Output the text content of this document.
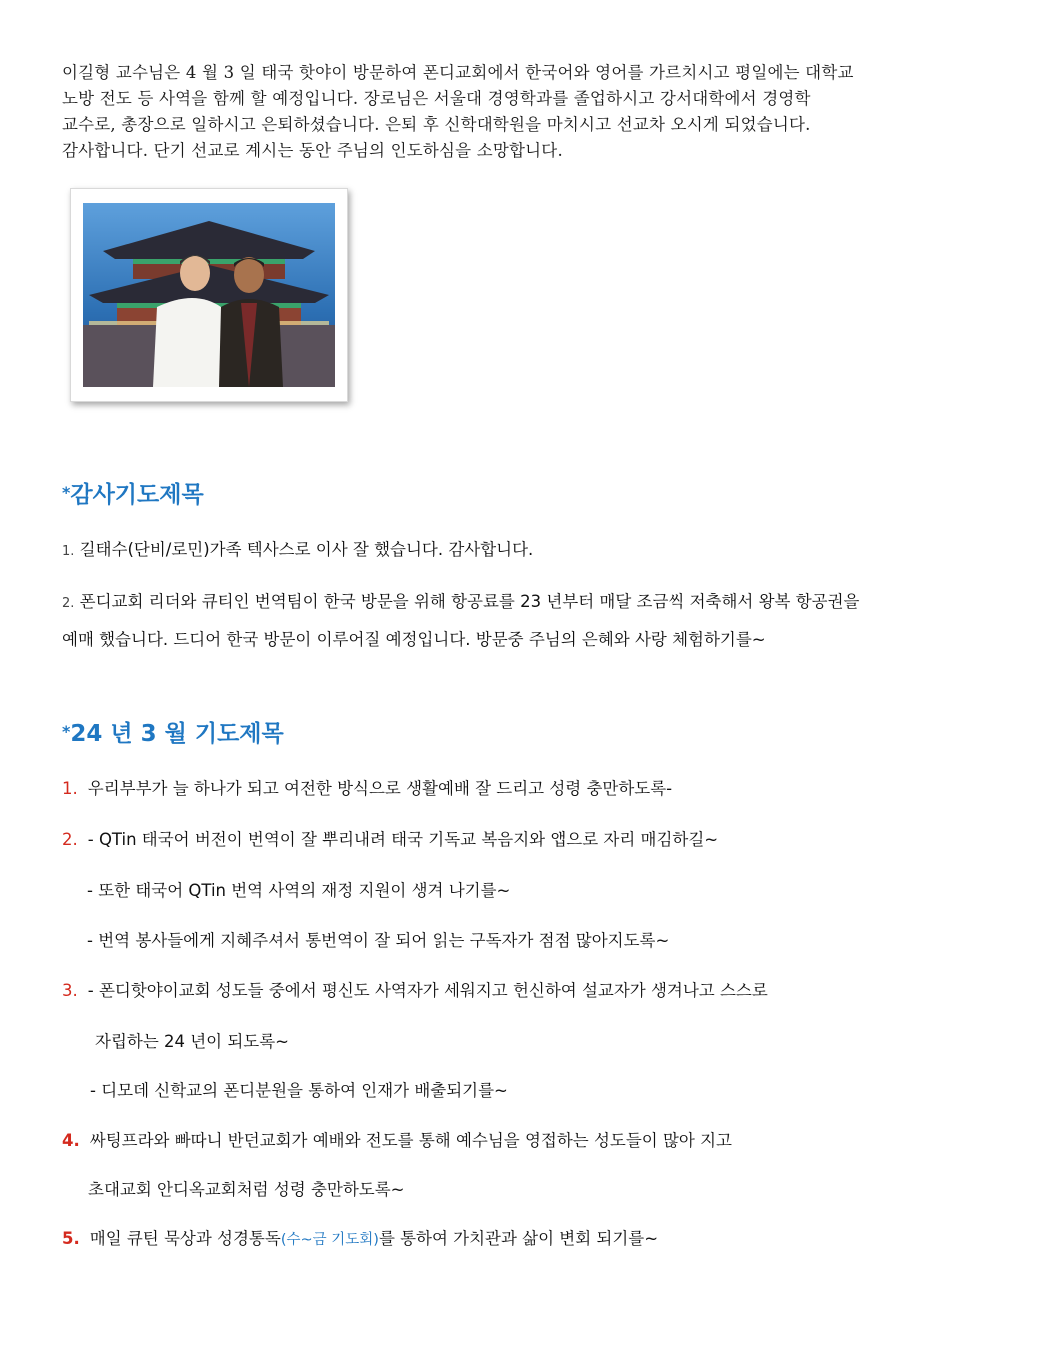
이길형 교수님은 4 월 3 일 태국 핫야이 방문하여 폰디교회에서 한국어와 영어를 가르치시고 평일에는 대학교

노방 전도 등 사역을 함께 할 예정입니다. 장로님은 서울대 경영학과를 졸업하시고 강서대학에서 경영학

교수로, 총장으로 일하시고 은퇴하셨습니다. 은퇴 후 신학대학원을 마치시고 선교차 오시게 되었습니다.

감사합니다. 단기 선교로 계시는 동안 주님의 인도하심을 소망합니다.

*감사기도제목
1. 길태수(단비/로민)가족 텍사스로 이사 잘 했습니다. 감사합니다.
2. 폰디교회 리더와 큐티인 번역팀이 한국 방문을 위해 항공료를 23 년부터 매달 조금씩 저축해서 왕복 항공권을
예매 했습니다. 드디어 한국 방문이 이루어질 예정입니다. 방문중 주님의 은혜와 사랑 체험하기를~
*24 년 3 월 기도제목
1. 우리부부가 늘 하나가 되고 여전한 방식으로 생활예배 잘 드리고 성령 충만하도록-
2. - QTin 태국어 버전이 번역이 잘 뿌리내려 태국 기독교 복음지와 앱으로 자리 매김하길~
- 또한 태국어 QTin 번역 사역의 재정 지원이 생겨 나기를~
- 번역 봉사들에게 지혜주셔서 통번역이 잘 되어 읽는 구독자가 점점 많아지도록~
3. - 폰디핫야이교회 성도들 중에서 평신도 사역자가 세워지고 헌신하여 설교자가 생겨나고 스스로
자립하는 24 년이 되도록~
- 디모데 신학교의 폰디분원을 통하여 인재가 배출되기를~
4. 싸팅프라와 빠따니 반던교회가 예배와 전도를 통해 예수님을 영접하는 성도들이 많아 지고
초대교회 안디옥교회처럼 성령 충만하도록~
5. 매일 큐틴 묵상과 성경통독(수~금 기도회)를 통하여 가치관과 삶이 변회 되기를~
